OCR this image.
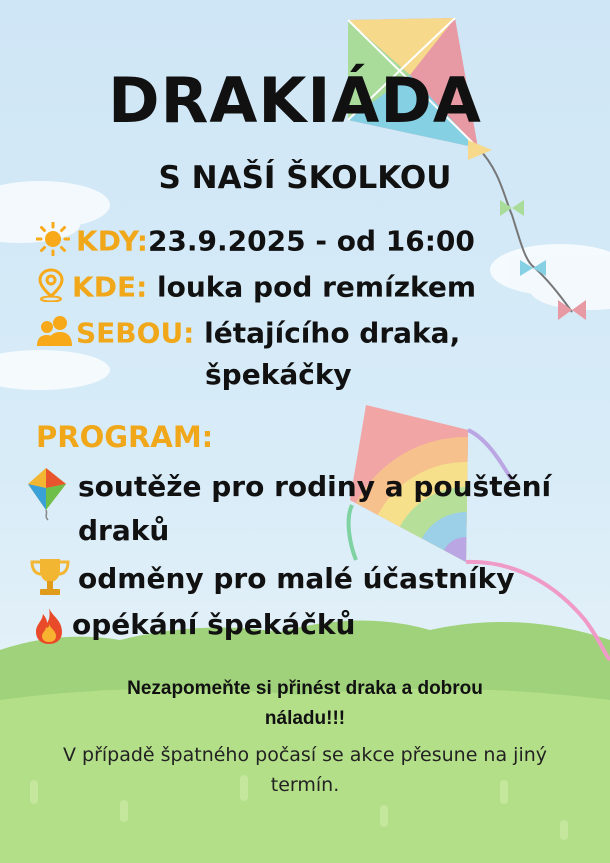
DRAKIÁDA
S NAŠÍ ŠKOLKOU
KDY:23.9.2025 - od 16:00
KDE: louka pod remízkem
SEBOU: létajícího draka,
špekáčky
PROGRAM:
soutěže pro rodiny a pouštění
draků
odměny pro malé účastníky
opékání špekáčků
Nezapomeňte si přinést draka a dobrou
náladu!!!
V případě špatného počasí se akce přesune na jiný
termín.
